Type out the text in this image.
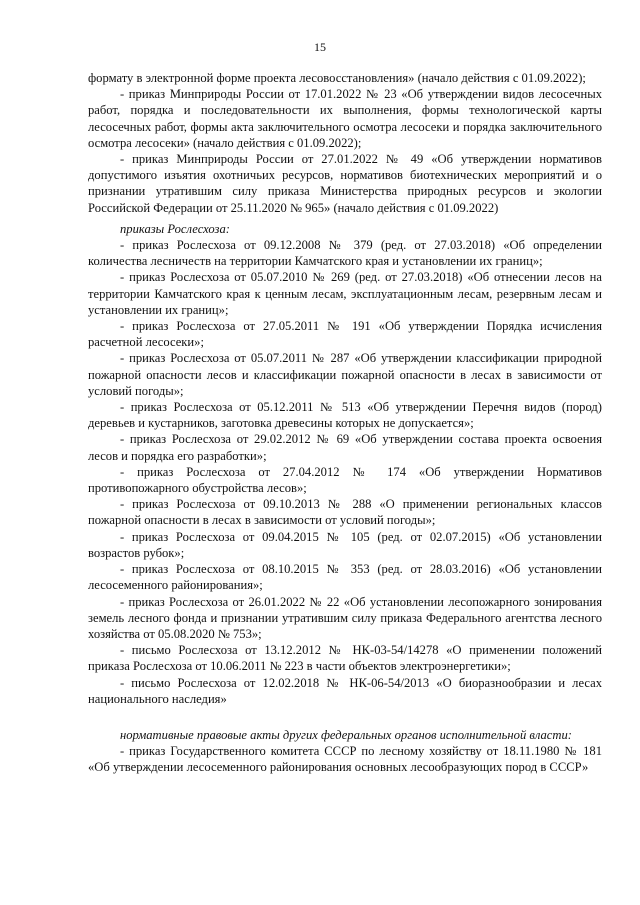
15

формату в электронной форме проекта лесовосстановления» (начало действия с 01.09.2022);

- приказ Минприроды России от 17.01.2022 № 23 «Об утверждении видов лесосечных работ, порядка и последовательности их выполнения, формы технологической карты лесосечных работ, формы акта заключительного осмотра лесосеки и порядка заключительного осмотра лесосеки» (начало действия с 01.09.2022);

- приказ Минприроды России от 27.01.2022 № 49 «Об утверждении нормативов допустимого изъятия охотничьих ресурсов, нормативов биотехнических мероприятий и о признании утратившим силу приказа Министерства природных ресурсов и экологии Российской Федерации от 25.11.2020 № 965» (начало действия с 01.09.2022)

приказы Рослесхоза:

- приказ Рослесхоза от 09.12.2008 № 379 (ред. от 27.03.2018) «Об определении количества лесничеств на территории Камчатского края и установлении их границ»;

- приказ Рослесхоза от 05.07.2010 № 269 (ред. от 27.03.2018) «Об отнесении лесов на территории Камчатского края к ценным лесам, эксплуатационным лесам, резервным лесам и установлении их границ»;

- приказ Рослесхоза от 27.05.2011 № 191 «Об утверждении Порядка исчисления расчетной лесосеки»;

- приказ Рослесхоза от 05.07.2011 № 287 «Об утверждении классификации природной пожарной опасности лесов и классификации пожарной опасности в лесах в зависимости от условий погоды»;

- приказ Рослесхоза от 05.12.2011 № 513 «Об утверждении Перечня видов (пород) деревьев и кустарников, заготовка древесины которых не допускается»;

- приказ Рослесхоза от 29.02.2012 № 69 «Об утверждении состава проекта освоения лесов и порядка его разработки»;

- приказ Рослесхоза от 27.04.2012 № 174 «Об утверждении Нормативов противопожарного обустройства лесов»;

- приказ Рослесхоза от 09.10.2013 № 288 «О применении региональных классов пожарной опасности в лесах в зависимости от условий погоды»;

- приказ Рослесхоза от 09.04.2015 № 105 (ред. от 02.07.2015) «Об установлении возрастов рубок»;

- приказ Рослесхоза от 08.10.2015 № 353 (ред. от 28.03.2016) «Об установлении лесосеменного районирования»;

- приказ Рослесхоза от 26.01.2022 № 22 «Об установлении лесопожарного зонирования земель лесного фонда и признании утратившим силу приказа Федерального агентства лесного хозяйства от 05.08.2020 № 753»;

- письмо Рослесхоза от 13.12.2012 № НК-03-54/14278 «О применении положений приказа Рослесхоза от 10.06.2011 № 223 в части объектов электроэнергетики»;

- письмо Рослесхоза от 12.02.2018 № НК-06-54/2013 «О биоразнообразии и лесах национального наследия»

нормативные правовые акты других федеральных органов исполнительной власти:

- приказ Государственного комитета СССР по лесному хозяйству от 18.11.1980 № 181 «Об утверждении лесосеменного районирования основных лесообразующих пород в СССР»
